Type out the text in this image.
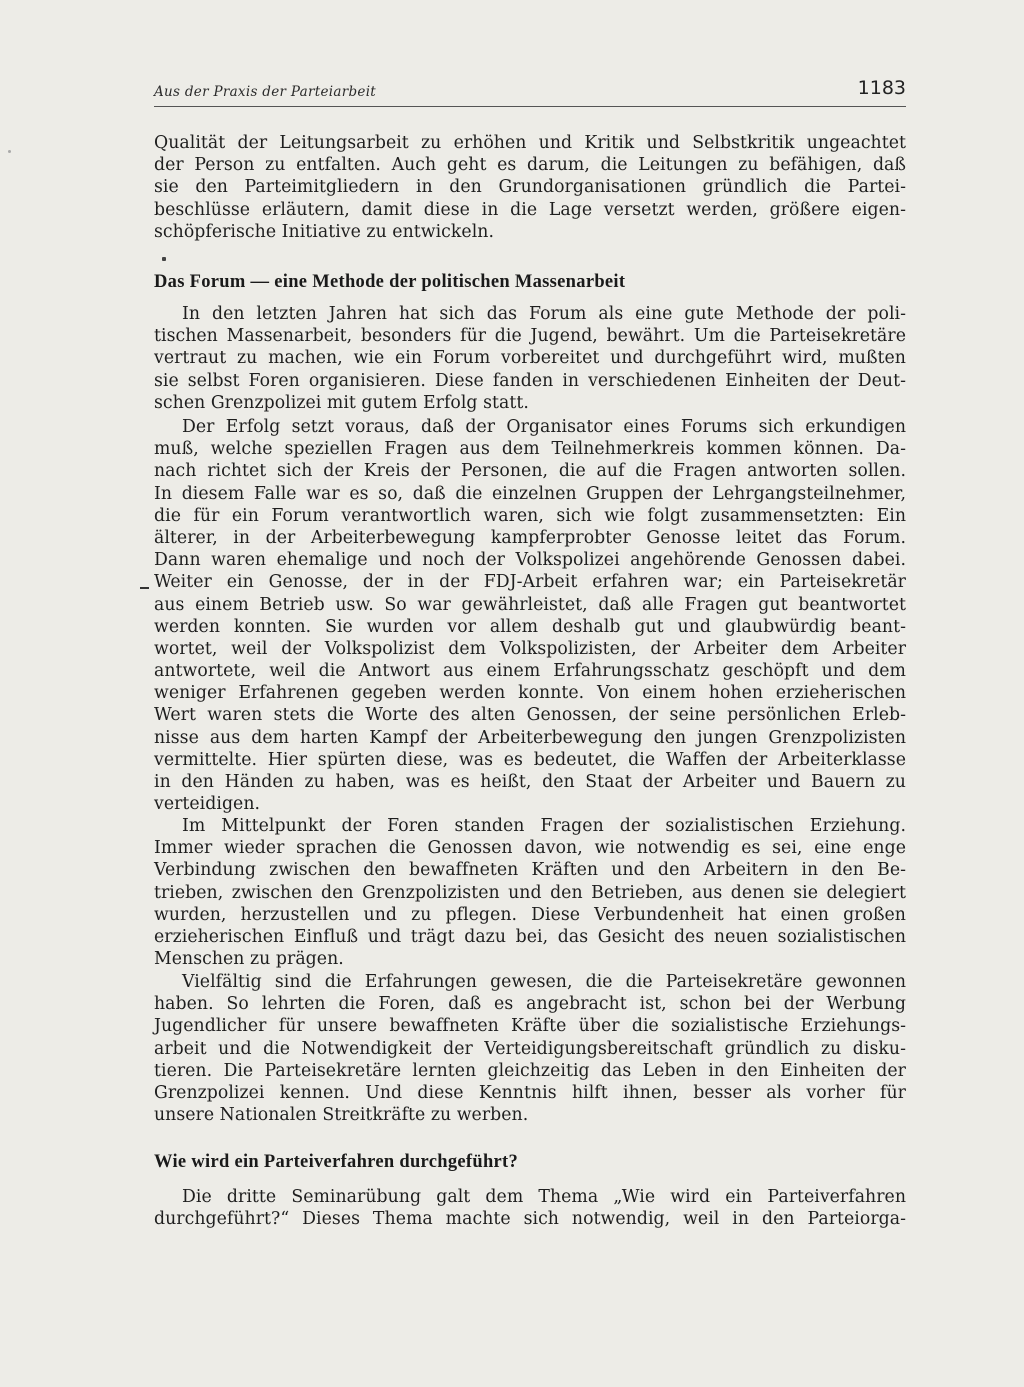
Aus der Praxis der Parteiarbeit	1183
Qualität der Leitungsarbeit zu erhöhen und Kritik und Selbstkritik ungeachtet
der Person zu entfalten. Auch geht es darum, die Leitungen zu befähigen, daß
sie den Parteimitgliedern in den Grundorganisationen gründlich die Partei-
beschlüsse erläutern, damit diese in die Lage versetzt werden, größere eigen-
schöpferische Initiative zu entwickeln.
Das Forum — eine Methode der politischen Massenarbeit
In den letzten Jahren hat sich das Forum als eine gute Methode der poli-
tischen Massenarbeit, besonders für die Jugend, bewährt. Um die Parteisekretäre
vertraut zu machen, wie ein Forum vorbereitet und durchgeführt wird, mußten
sie selbst Foren organisieren. Diese fanden in verschiedenen Einheiten der Deut-
schen Grenzpolizei mit gutem Erfolg statt.
Der Erfolg setzt voraus, daß der Organisator eines Forums sich erkundigen
muß, welche speziellen Fragen aus dem Teilnehmerkreis kommen können. Da-
nach richtet sich der Kreis der Personen, die auf die Fragen antworten sollen.
In diesem Falle war es so, daß die einzelnen Gruppen der Lehrgangsteilnehmer,
die für ein Forum verantwortlich waren, sich wie folgt zusammensetzten: Ein
älterer, in der Arbeiterbewegung kampferprobter Genosse leitet das Forum.
Dann waren ehemalige und noch der Volkspolizei angehörende Genossen dabei.
Weiter ein Genosse, der in der FDJ-Arbeit erfahren war; ein Parteisekretär
aus einem Betrieb usw. So war gewährleistet, daß alle Fragen gut beantwortet
werden konnten. Sie wurden vor allem deshalb gut und glaubwürdig beant-
wortet, weil der Volkspolizist dem Volkspolizisten, der Arbeiter dem Arbeiter
antwortete, weil die Antwort aus einem Erfahrungsschatz geschöpft und dem
weniger Erfahrenen gegeben werden konnte. Von einem hohen erzieherischen
Wert waren stets die Worte des alten Genossen, der seine persönlichen Erleb-
nisse aus dem harten Kampf der Arbeiterbewegung den jungen Grenzpolizisten
vermittelte. Hier spürten diese, was es bedeutet, die Waffen der Arbeiterklasse
in den Händen zu haben, was es heißt, den Staat der Arbeiter und Bauern zu
verteidigen.
Im Mittelpunkt der Foren standen Fragen der sozialistischen Erziehung.
Immer wieder sprachen die Genossen davon, wie notwendig es sei, eine enge
Verbindung zwischen den bewaffneten Kräften und den Arbeitern in den Be-
trieben, zwischen den Grenzpolizisten und den Betrieben, aus denen sie delegiert
wurden, herzustellen und zu pflegen. Diese Verbundenheit hat einen großen
erzieherischen Einfluß und trägt dazu bei, das Gesicht des neuen sozialistischen
Menschen zu prägen.
Vielfältig sind die Erfahrungen gewesen, die die Parteisekretäre gewonnen
haben. So lehrten die Foren, daß es angebracht ist, schon bei der Werbung
Jugendlicher für unsere bewaffneten Kräfte über die sozialistische Erziehungs-
arbeit und die Notwendigkeit der Verteidigungsbereitschaft gründlich zu disku-
tieren. Die Parteisekretäre lernten gleichzeitig das Leben in den Einheiten der
Grenzpolizei kennen. Und diese Kenntnis hilft ihnen, besser als vorher für
unsere Nationalen Streitkräfte zu werben.
Wie wird ein Parteiverfahren durchgeführt?
Die dritte Seminarübung galt dem Thema „Wie wird ein Parteiverfahren
durchgeführt?“ Dieses Thema machte sich notwendig, weil in den Parteiorga-
